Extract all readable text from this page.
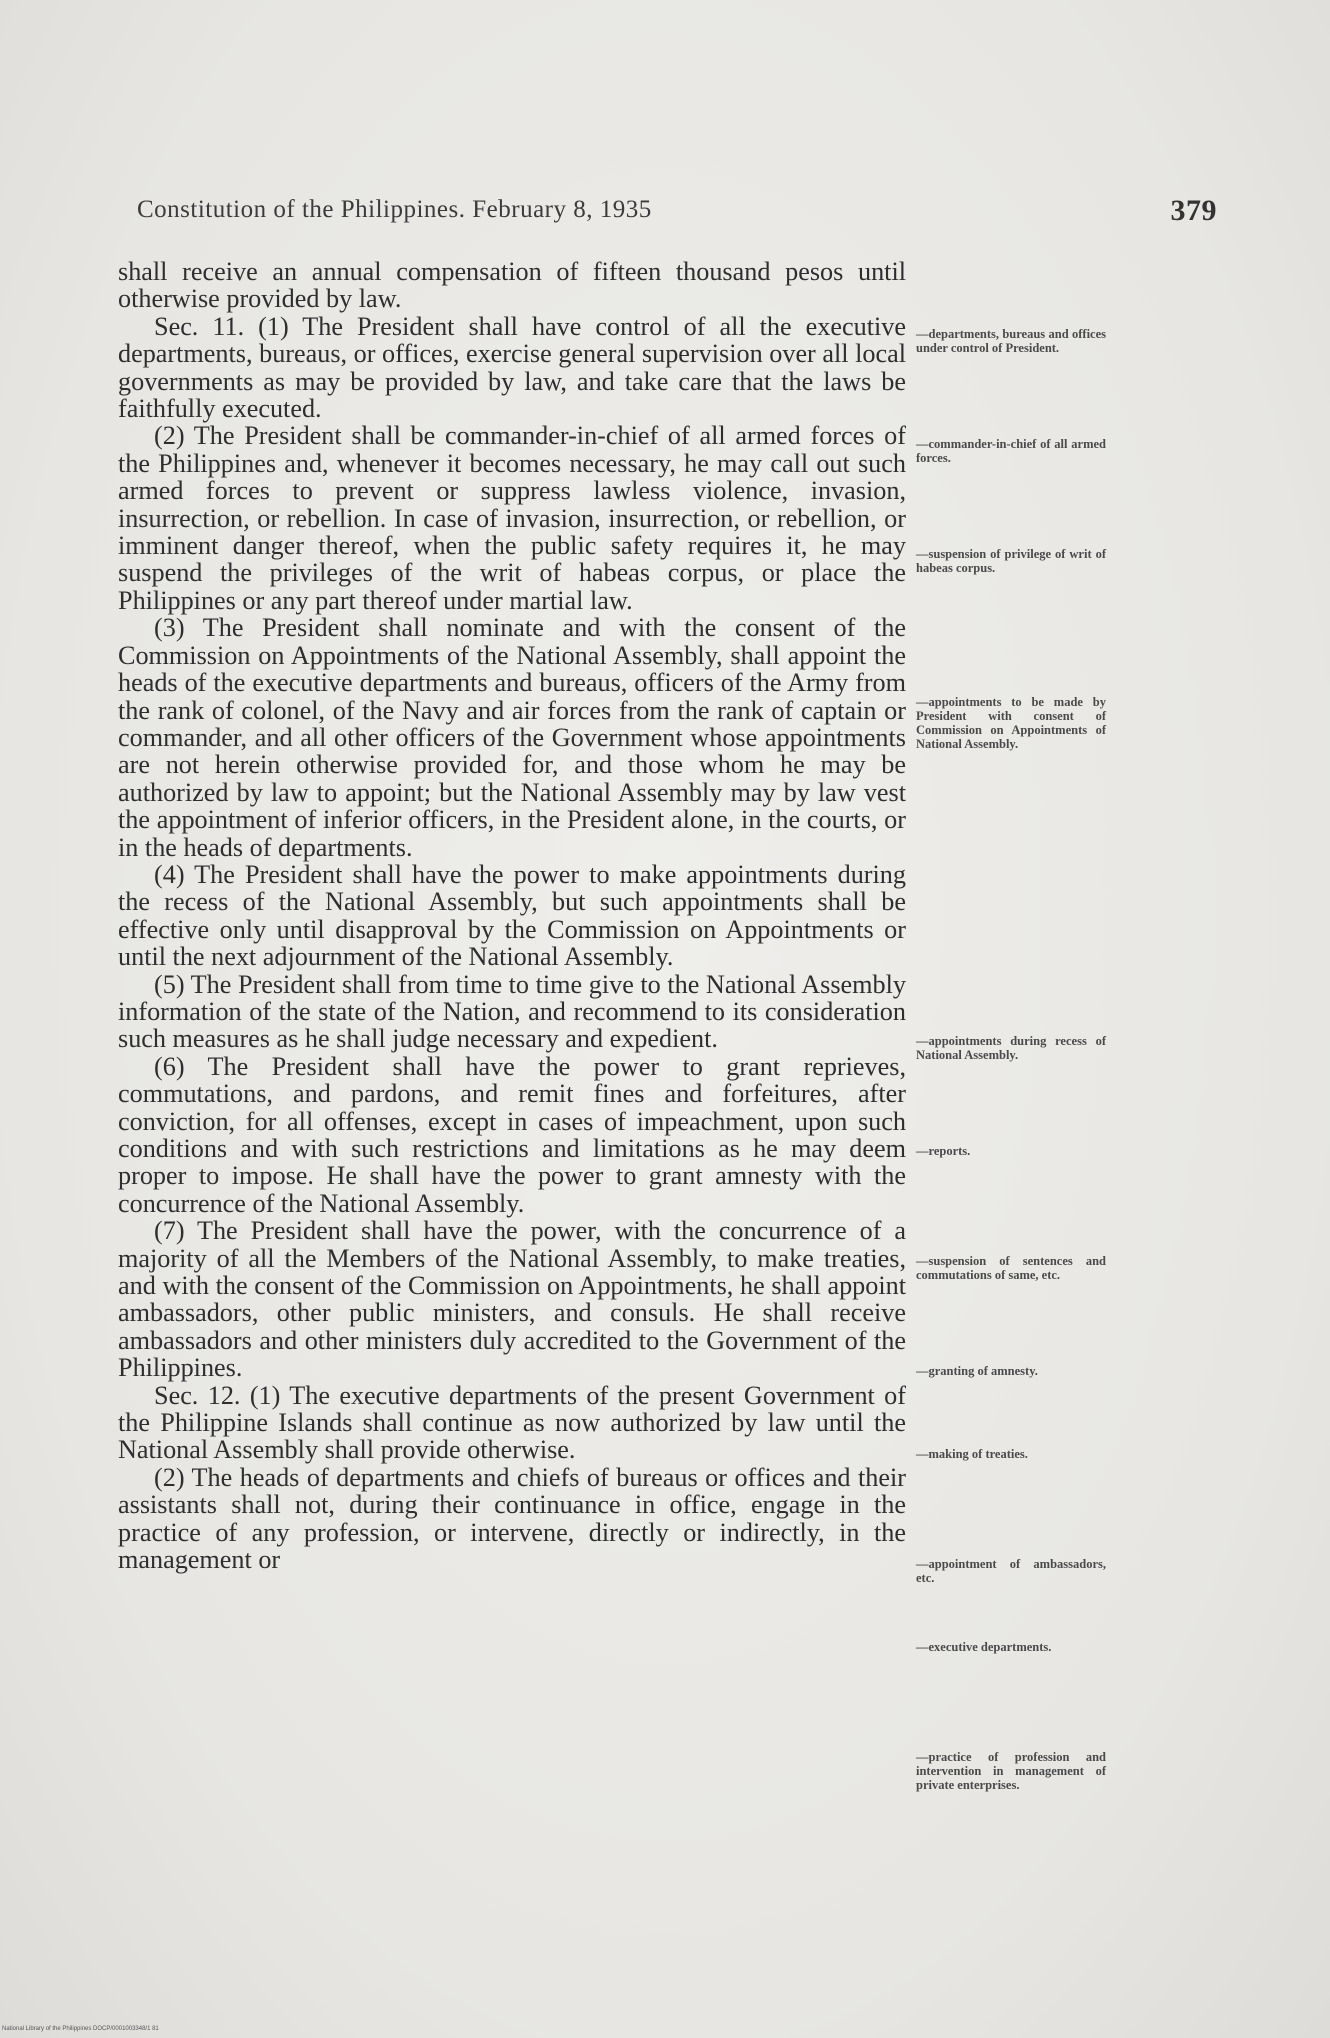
Constitution of the Philippines. February 8, 1935	379

shall receive an annual compensation of fifteen thousand pesos until otherwise provided by law.

Sec. 11. (1) The President shall have control of all the executive departments, bureaus, or offices, exercise general supervision over all local governments as may be provided by law, and take care that the laws be faithfully executed.

(2) The President shall be commander-in-chief of all armed forces of the Philippines and, whenever it becomes necessary, he may call out such armed forces to prevent or suppress lawless violence, invasion, insurrection, or rebellion. In case of invasion, insurrection, or rebellion, or imminent danger thereof, when the public safety requires it, he may suspend the privileges of the writ of habeas corpus, or place the Philippines or any part thereof under martial law.

(3) The President shall nominate and with the consent of the Commission on Appointments of the National Assembly, shall appoint the heads of the executive departments and bureaus, officers of the Army from the rank of colonel, of the Navy and air forces from the rank of captain or commander, and all other officers of the Government whose appointments are not herein otherwise provided for, and those whom he may be authorized by law to appoint; but the National Assembly may by law vest the appointment of inferior officers, in the President alone, in the courts, or in the heads of departments.

(4) The President shall have the power to make appointments during the recess of the National Assembly, but such appointments shall be effective only until disapproval by the Commission on Appointments or until the next adjournment of the National Assembly.

(5) The President shall from time to time give to the National Assembly information of the state of the Nation, and recommend to its consideration such measures as he shall judge necessary and expedient.

(6) The President shall have the power to grant reprieves, commutations, and pardons, and remit fines and forfeitures, after conviction, for all offenses, except in cases of impeachment, upon such conditions and with such restrictions and limitations as he may deem proper to impose. He shall have the power to grant amnesty with the concurrence of the National Assembly.

(7) The President shall have the power, with the concurrence of a majority of all the Members of the National Assembly, to make treaties, and with the consent of the Commission on Appointments, he shall appoint ambassadors, other public ministers, and consuls. He shall receive ambassadors and other ministers duly accredited to the Government of the Philippines.

Sec. 12. (1) The executive departments of the present Government of the Philippine Islands shall continue as now authorized by law until the National Assembly shall provide otherwise.

(2) The heads of departments and chiefs of bureaus or offices and their assistants shall not, during their continuance in office, engage in the practice of any profession, or intervene, directly or indirectly, in the management or

—departments, bureaus and offices under control of President.
—commander-in-chief of all armed forces.
—suspension of privilege of writ of habeas corpus.
—appointments to be made by President with consent of Commission on Appointments of National Assembly.
—appointments during recess of National Assembly.
—reports.
—suspension of sentences and commutations of same, etc.
—granting of amnesty.
—making of treaties.
—appointment of ambassadors, etc.
—executive departments.
—practice of profession and intervention in management of private enterprises.
National Library of the Philippines DOCP/0001003348/1 81
